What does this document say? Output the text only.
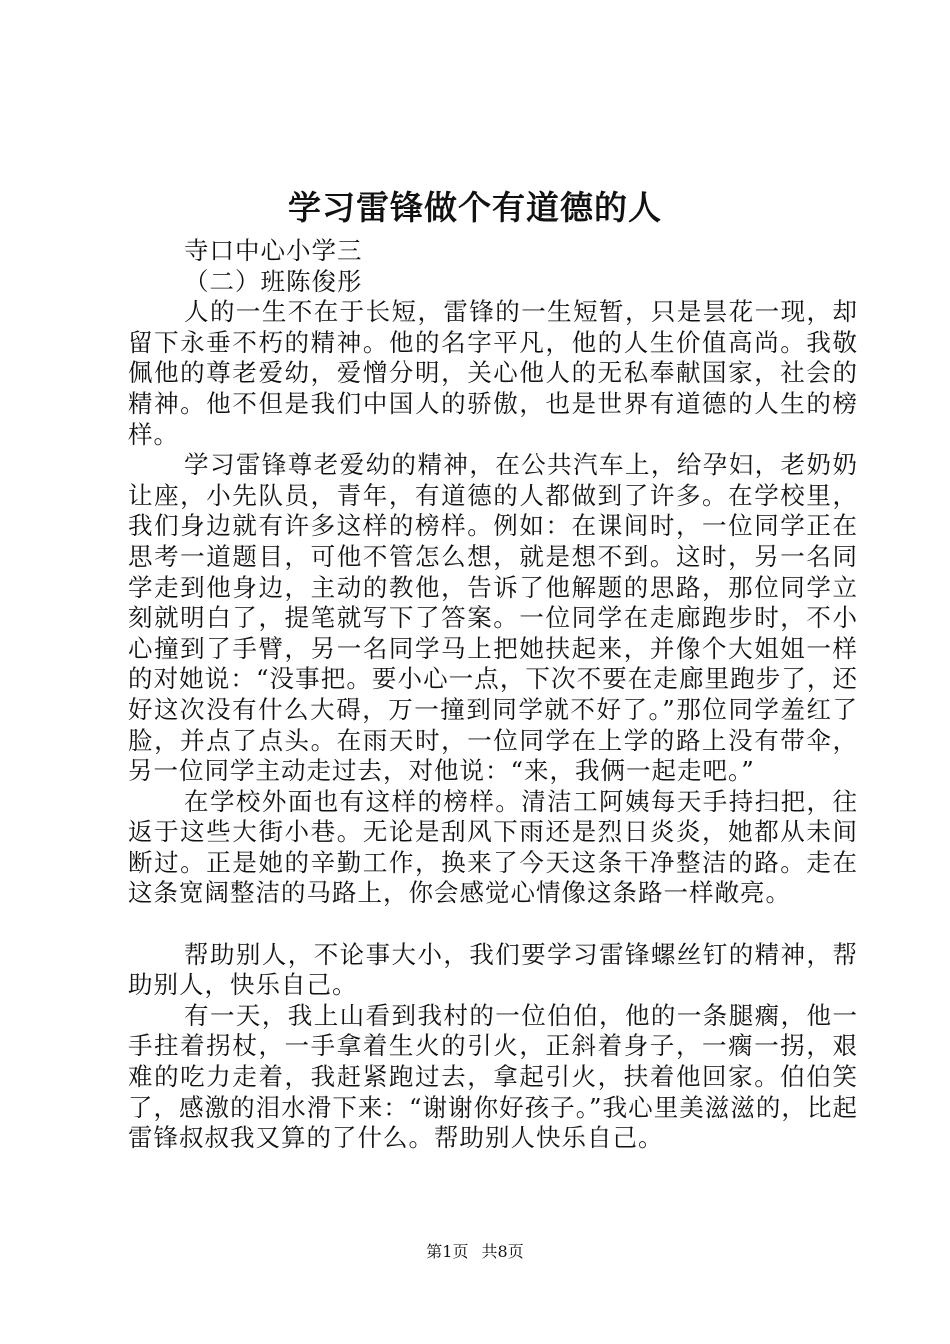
学习雷锋做个有道德的人

寺口中心小学三

（二）班陈俊彤

人的一生不在于长短，雷锋的一生短暂，只是昙花一现，却留下永垂不朽的精神。他的名字平凡，他的人生价值高尚。我敬佩他的尊老爱幼，爱憎分明，关心他人的无私奉献国家，社会的精神。他不但是我们中国人的骄傲，也是世界有道德的人生的榜样。

学习雷锋尊老爱幼的精神，在公共汽车上，给孕妇，老奶奶让座，小先队员，青年，有道德的人都做到了许多。在学校里，我们身边就有许多这样的榜样。例如：在课间时，一位同学正在思考一道题目，可他不管怎么想，就是想不到。这时，另一名同学走到他身边，主动的教他，告诉了他解题的思路，那位同学立刻就明白了，提笔就写下了答案。一位同学在走廊跑步时，不小心撞到了手臂，另一名同学马上把她扶起来，并像个大姐姐一样的对她说：“没事把。要小心一点，下次不要在走廊里跑步了，还好这次没有什么大碍，万一撞到同学就不好了。”那位同学羞红了脸，并点了点头。在雨天时，一位同学在上学的路上没有带伞，另一位同学主动走过去，对他说：“来，我俩一起走吧。”

在学校外面也有这样的榜样。清洁工阿姨每天手持扫把，往返于这些大街小巷。无论是刮风下雨还是烈日炎炎，她都从未间断过。正是她的辛勤工作，换来了今天这条干净整洁的路。走在这条宽阔整洁的马路上，你会感觉心情像这条路一样敞亮。

帮助别人，不论事大小，我们要学习雷锋螺丝钉的精神，帮助别人，快乐自己。

有一天，我上山看到我村的一位伯伯，他的一条腿瘸，他一手拄着拐杖，一手拿着生火的引火，正斜着身子，一瘸一拐，艰难的吃力走着，我赶紧跑过去，拿起引火，扶着他回家。伯伯笑了，感激的泪水滑下来：“谢谢你好孩子。”我心里美滋滋的，比起雷锋叔叔我又算的了什么。帮助别人快乐自己。

第1页 共8页
